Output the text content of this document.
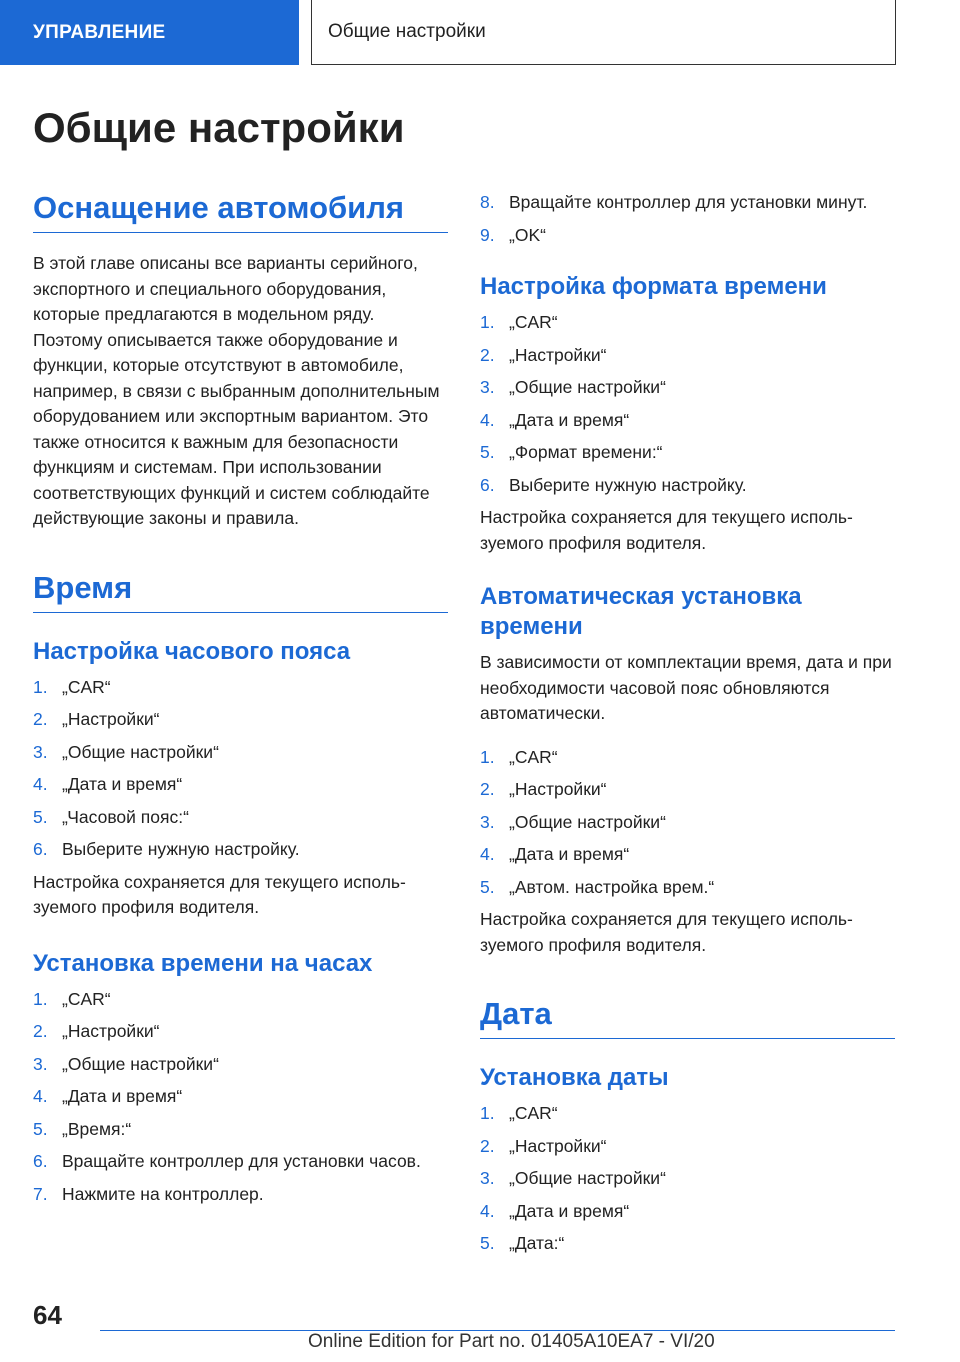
УПРАВЛЕНИЕ	Общие настройки
Общие настройки
Оснащение автомобиля

В этой главе описаны все варианты серийного, экспортного и специального оборудования, которые предлагаются в модельном ряду. Поэтому описывается также оборудование и функции, которые отсутствуют в автомобиле, например, в связи с выбранным дополнительным оборудованием или экспортным вариантом. Это также относится к важным для безопасности функциям и системам. При использовании соответствующих функций и систем соблюдайте действующие законы и правила.

Время
Настройка часового пояса
1. „CAR“
2. „Настройки“
3. „Общие настройки“
4. „Дата и время“
5. „Часовой пояс:“
6. Выберите нужную настройку.

Настройка сохраняется для текущего используемого профиля водителя.

Установка времени на часах
1. „CAR“
2. „Настройки“
3. „Общие настройки“
4. „Дата и время“
5. „Время:“
6. Вращайте контроллер для установки часов.
7. Нажмите на контроллер.
8. Вращайте контроллер для установки минут.
9. „OK“
Настройка формата времени
1. „CAR“
2. „Настройки“
3. „Общие настройки“
4. „Дата и время“
5. „Формат времени:“
6. Выберите нужную настройку.

Настройка сохраняется для текущего используемого профиля водителя.

Автоматическая установка времени

В зависимости от комплектации время, дата и при необходимости часовой пояс обновляются автоматически.

1. „CAR“
2. „Настройки“
3. „Общие настройки“
4. „Дата и время“
5. „Автом. настройка врем.“

Настройка сохраняется для текущего используемого профиля водителя.

Дата
Установка даты
1. „CAR“
2. „Настройки“
3. „Общие настройки“
4. „Дата и время“
5. „Дата:“
64
Online Edition for Part no. 01405A10EA7 - VI/20
